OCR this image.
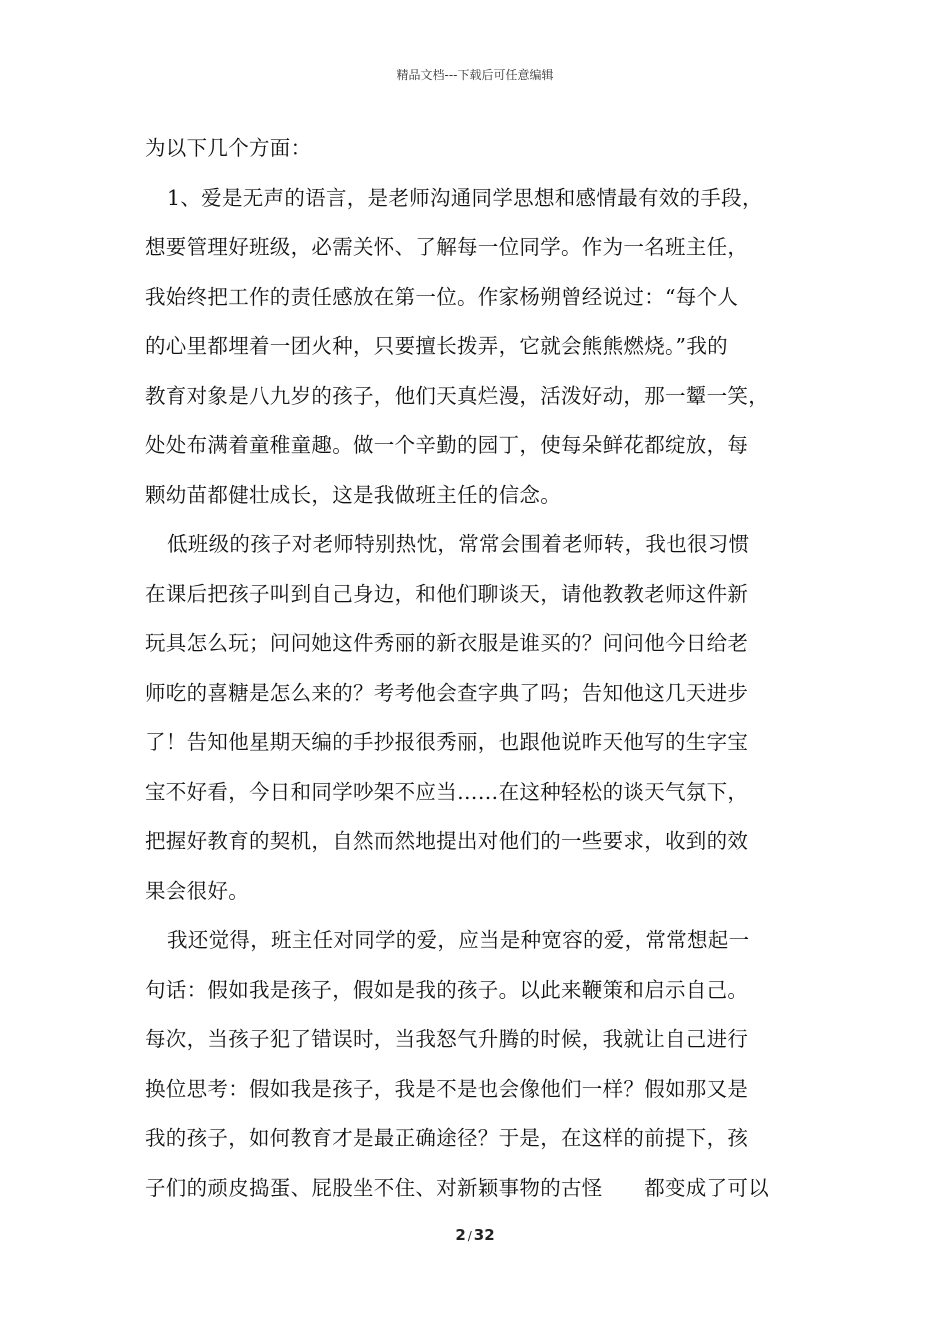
精品文档---下载后可任意编辑
为以下几个方面：
1、爱是无声的语言，是老师沟通同学思想和感情最有效的手段，
想要管理好班级，必需关怀、了解每一位同学。作为一名班主任，
我始终把工作的责任感放在第一位。作家杨朔曾经说过：“每个人
的心里都埋着一团火种，只要擅长拨弄，它就会熊熊燃烧。”我的
教育对象是八九岁的孩子，他们天真烂漫，活泼好动，那一颦一笑，
处处布满着童稚童趣。做一个辛勤的园丁，使每朵鲜花都绽放，每
颗幼苗都健壮成长，这是我做班主任的信念。
低班级的孩子对老师特别热忱，常常会围着老师转，我也很习惯
在课后把孩子叫到自己身边，和他们聊谈天，请他教教老师这件新
玩具怎么玩；问问她这件秀丽的新衣服是谁买的？问问他今日给老
师吃的喜糖是怎么来的？考考他会查字典了吗；告知他这几天进步
了！告知他星期天编的手抄报很秀丽，也跟他说昨天他写的生字宝
宝不好看，今日和同学吵架不应当……在这种轻松的谈天气氛下，
把握好教育的契机，自然而然地提出对他们的一些要求，收到的效
果会很好。
我还觉得，班主任对同学的爱，应当是种宽容的爱，常常想起一
句话：假如我是孩子，假如是我的孩子。以此来鞭策和启示自己。
每次，当孩子犯了错误时，当我怒气升腾的时候，我就让自己进行
换位思考：假如我是孩子，我是不是也会像他们一样？假如那又是
我的孩子，如何教育才是最正确途径？于是，在这样的前提下，孩
子们的顽皮捣蛋、屁股坐不住、对新颖事物的古怪　　都变成了可以
2 / 32
